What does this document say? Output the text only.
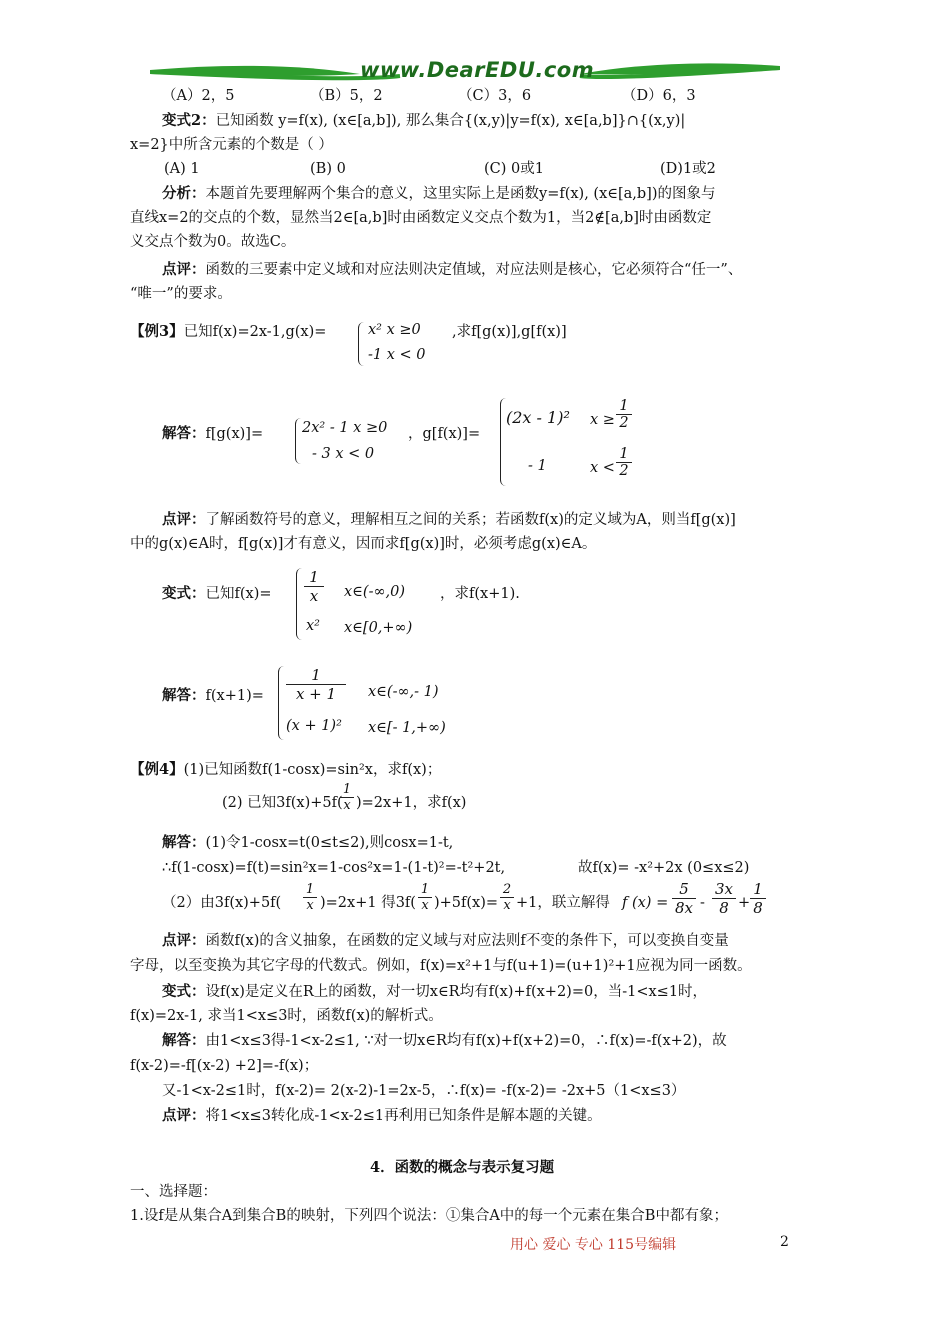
www.DearEDU.com
（A）2，5	（B）5，2	（C）3，6	（D）6，3
变式2：已知函数 y=f(x), (x∈[a,b]), 那么集合{(x,y)|y=f(x), x∈[a,b]}∩{(x,y)|
x=2}中所含元素的个数是（ ）
(A) 1	(B) 0	(C) 0或1	(D)1或2
分析：本题首先要理解两个集合的意义，这里实际上是函数y=f(x), (x∈[a,b])的图象与
直线x=2的交点的个数，显然当2∈[a,b]时由函数定义交点个数为1，当2∉[a,b]时由函数定
义交点个数为0。故选C。
点评：函数的三要素中定义域和对应法则决定值域，对应法则是核心，它必须符合“任一”、
“唯一”的要求。
【例3】已知f(x)=2x-1,g(x)=	x² x ≥0
-1 x < 0
,求f[g(x)],g[f(x)]
解答：f[g(x)]=	2x² - 1 x ≥0
- 3 x < 0
，g[f(x)]=
(2x - 1)² $x \ge \frac{1}{2}$
- 1	$x < \frac{1}{2}$
点评：了解函数符号的意义，理解相互之间的关系；若函数f(x)的定义域为A，则当f[g(x)]
中的g(x)∈A时，f[g(x)]才有意义，因而求f[g(x)]时，必须考虑g(x)∈A。
变式：已知$f(x)= \frac{1}{x}$ x∈(-∞,0)
x² x∈[0,+∞)
，求f(x+1).
解答：$f(x+1)= \frac{1}{x + 1}$ x∈(-∞,- 1)
(x + 1)² x∈[- 1,+∞)
【例4】(1)已知函数f(1-cosx)=sin²x，求f(x)；
(2) 已知3f(x)+5f(
$\frac{1}{x} )=2x+1$，求f(x)
解答：(1)令1-cosx=t(0≤t≤2),则cosx=1-t,
∴f(1-cosx)=f(t)=sin²x=1-cos²x=1-(1-t)²=-t²+2t,	故f(x)= -x²+2x (0≤x≤2)
（2）由$3f(x)+5f( \frac{1}{x} )=2x+1$ 得$3f( \frac{1}{x} )+5f(x)= \frac{2}{x} +1$，联立解得 f $(x) = \frac{5}{8x} - \frac{3x}{8} + \frac{1}{8}$
点评：函数f(x)的含义抽象，在函数的定义域与对应法则f不变的条件下，可以变换自变量
字母，以至变换为其它字母的代数式。例如，f(x)=x²+1与f(u+1)=(u+1)²+1应视为同一函数。
变式：设f(x)是定义在R上的函数，对一切x∈R均有f(x)+f(x+2)=0，当-1<x≤1时，
f(x)=2x-1, 求当1<x≤3时，函数f(x)的解析式。
解答：由1<x≤3得-1<x-2≤1, ∵对一切x∈R均有f(x)+f(x+2)=0，∴f(x)=-f(x+2)，故
f(x-2)=-f[(x-2) +2]=-f(x)；
又-1<x-2≤1时，f(x-2)= 2(x-2)-1=2x-5，∴f(x)= -f(x-2)= -2x+5（1<x≤3）
点评：将1<x≤3转化成-1<x-2≤1再利用已知条件是解本题的关键。
4．函数的概念与表示复习题
一、选择题：
1.设f是从集合A到集合B的映射，下列四个说法：①集合A中的每一个元素在集合B中都有象；
用心 爱心 专心 115号编辑	2
